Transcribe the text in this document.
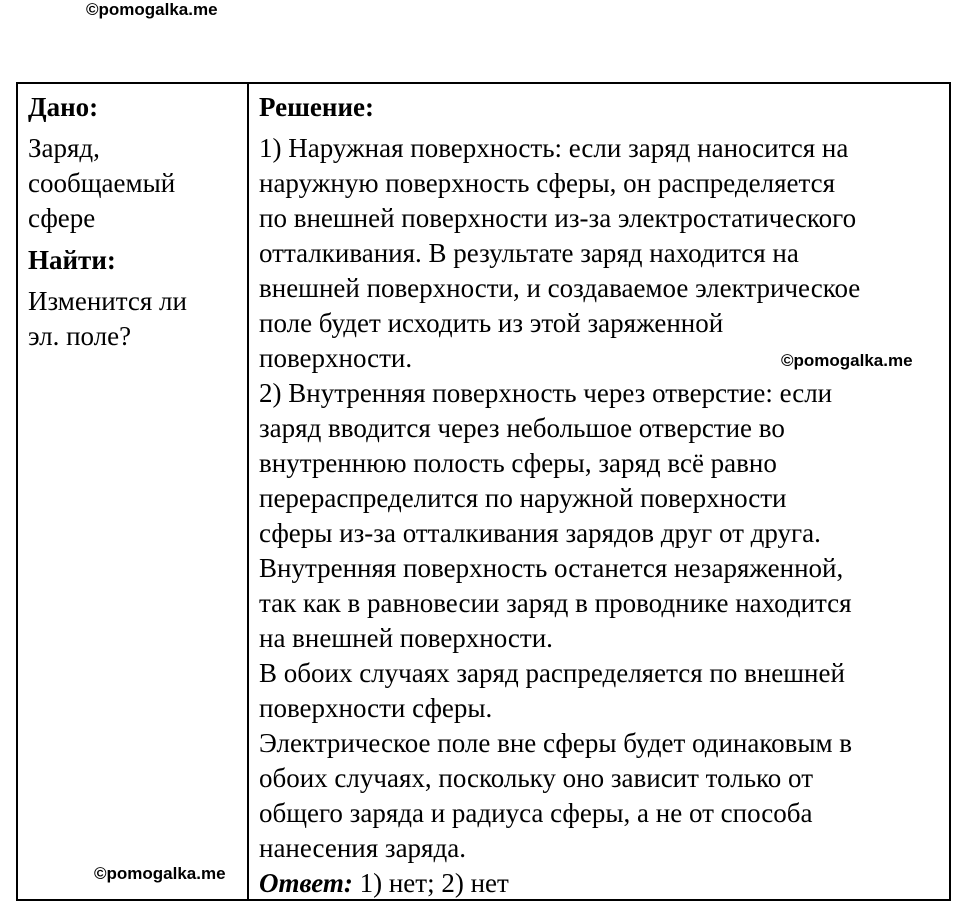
©pomogalka.me

Дано:

Заряд,

сообщаемый

сфере

Найти:

Изменится ли

эл. поле?

Решение:

1) Наружная поверхность: если заряд наносится на

наружную поверхность сферы, он распределяется

по внешней поверхности из-за электростатического

отталкивания. В результате заряд находится на

внешней поверхности, и создаваемое электрическое

поле будет исходить из этой заряженной

поверхности.

2) Внутренняя поверхность через отверстие: если

заряд вводится через небольшое отверстие во

внутреннюю полость сферы, заряд всё равно

перераспределится по наружной поверхности

сферы из-за отталкивания зарядов друг от друга.

Внутренняя поверхность останется незаряженной,

так как в равновесии заряд в проводнике находится

на внешней поверхности.

В обоих случаях заряд распределяется по внешней

поверхности сферы.

Электрическое поле вне сферы будет одинаковым в

обоих случаях, поскольку оно зависит только от

общего заряда и радиуса сферы, а не от способа

нанесения заряда.

Ответ: 1) нет; 2) нет

©pomogalka.me
©pomogalka.me
